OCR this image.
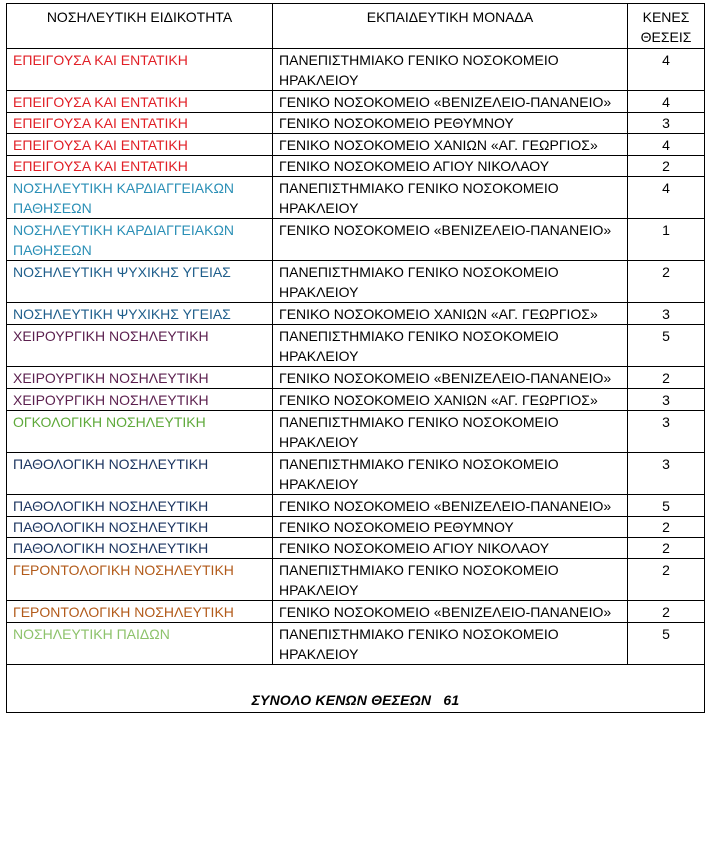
ΝΟΣΗΛΕΥΤΙΚΗ ΕΙΔΙΚΟΤΗΤΑ	ΕΚΠΑΙΔΕΥΤΙΚΗ ΜΟΝΑΔΑ	ΚΕΝΕΣ
ΘΕΣΕΙΣ
ΕΠΕΙΓΟΥΣΑ ΚΑΙ ΕΝΤΑΤΙΚΗ	ΠΑΝΕΠΙΣΤΗΜΙΑΚΟ ΓΕΝΙΚΟ ΝΟΣΟΚΟΜΕΙΟ ΗΡΑΚΛΕΙΟΥ	4
ΕΠΕΙΓΟΥΣΑ ΚΑΙ ΕΝΤΑΤΙΚΗ	ΓΕΝΙΚΟ ΝΟΣΟΚΟΜΕΙΟ «ΒΕΝΙΖΕΛΕΙΟ-ΠΑΝΑΝΕΙΟ»	4
ΕΠΕΙΓΟΥΣΑ ΚΑΙ ΕΝΤΑΤΙΚΗ	ΓΕΝΙΚΟ ΝΟΣΟΚΟΜΕΙΟ ΡΕΘΥΜΝΟΥ	3
ΕΠΕΙΓΟΥΣΑ ΚΑΙ ΕΝΤΑΤΙΚΗ	ΓΕΝΙΚΟ ΝΟΣΟΚΟΜΕΙΟ ΧΑΝΙΩΝ «ΑΓ. ΓΕΩΡΓΙΟΣ»	4
ΕΠΕΙΓΟΥΣΑ ΚΑΙ ΕΝΤΑΤΙΚΗ	ΓΕΝΙΚΟ ΝΟΣΟΚΟΜΕΙΟ ΑΓΙΟΥ ΝΙΚΟΛΑΟΥ	2
ΝΟΣΗΛΕΥΤΙΚΗ ΚΑΡΔΙΑΓΓΕΙΑΚΩΝ ΠΑΘΗΣΕΩΝ	ΠΑΝΕΠΙΣΤΗΜΙΑΚΟ ΓΕΝΙΚΟ ΝΟΣΟΚΟΜΕΙΟ ΗΡΑΚΛΕΙΟΥ	4
ΝΟΣΗΛΕΥΤΙΚΗ ΚΑΡΔΙΑΓΓΕΙΑΚΩΝ ΠΑΘΗΣΕΩΝ	ΓΕΝΙΚΟ ΝΟΣΟΚΟΜΕΙΟ «ΒΕΝΙΖΕΛΕΙΟ-ΠΑΝΑΝΕΙΟ»	1
ΝΟΣΗΛΕΥΤΙΚΗ ΨΥΧΙΚΗΣ ΥΓΕΙΑΣ	ΠΑΝΕΠΙΣΤΗΜΙΑΚΟ ΓΕΝΙΚΟ ΝΟΣΟΚΟΜΕΙΟ ΗΡΑΚΛΕΙΟΥ	2
ΝΟΣΗΛΕΥΤΙΚΗ ΨΥΧΙΚΗΣ ΥΓΕΙΑΣ	ΓΕΝΙΚΟ ΝΟΣΟΚΟΜΕΙΟ ΧΑΝΙΩΝ «ΑΓ. ΓΕΩΡΓΙΟΣ»	3
ΧΕΙΡΟΥΡΓΙΚΗ ΝΟΣΗΛΕΥΤΙΚΗ	ΠΑΝΕΠΙΣΤΗΜΙΑΚΟ ΓΕΝΙΚΟ ΝΟΣΟΚΟΜΕΙΟ ΗΡΑΚΛΕΙΟΥ	5
ΧΕΙΡΟΥΡΓΙΚΗ ΝΟΣΗΛΕΥΤΙΚΗ	ΓΕΝΙΚΟ ΝΟΣΟΚΟΜΕΙΟ «ΒΕΝΙΖΕΛΕΙΟ-ΠΑΝΑΝΕΙΟ»	2
ΧΕΙΡΟΥΡΓΙΚΗ ΝΟΣΗΛΕΥΤΙΚΗ	ΓΕΝΙΚΟ ΝΟΣΟΚΟΜΕΙΟ ΧΑΝΙΩΝ «ΑΓ. ΓΕΩΡΓΙΟΣ»	3
ΟΓΚΟΛΟΓΙΚΗ ΝΟΣΗΛΕΥΤΙΚΗ	ΠΑΝΕΠΙΣΤΗΜΙΑΚΟ ΓΕΝΙΚΟ ΝΟΣΟΚΟΜΕΙΟ ΗΡΑΚΛΕΙΟΥ	3
ΠΑΘΟΛΟΓΙΚΗ ΝΟΣΗΛΕΥΤΙΚΗ	ΠΑΝΕΠΙΣΤΗΜΙΑΚΟ ΓΕΝΙΚΟ ΝΟΣΟΚΟΜΕΙΟ ΗΡΑΚΛΕΙΟΥ	3
ΠΑΘΟΛΟΓΙΚΗ ΝΟΣΗΛΕΥΤΙΚΗ	ΓΕΝΙΚΟ ΝΟΣΟΚΟΜΕΙΟ «ΒΕΝΙΖΕΛΕΙΟ-ΠΑΝΑΝΕΙΟ»	5
ΠΑΘΟΛΟΓΙΚΗ ΝΟΣΗΛΕΥΤΙΚΗ	ΓΕΝΙΚΟ ΝΟΣΟΚΟΜΕΙΟ ΡΕΘΥΜΝΟΥ	2
ΠΑΘΟΛΟΓΙΚΗ ΝΟΣΗΛΕΥΤΙΚΗ	ΓΕΝΙΚΟ ΝΟΣΟΚΟΜΕΙΟ ΑΓΙΟΥ ΝΙΚΟΛΑΟΥ	2
ΓΕΡΟΝΤΟΛΟΓΙΚΗ ΝΟΣΗΛΕΥΤΙΚΗ	ΠΑΝΕΠΙΣΤΗΜΙΑΚΟ ΓΕΝΙΚΟ ΝΟΣΟΚΟΜΕΙΟ ΗΡΑΚΛΕΙΟΥ	2
ΓΕΡΟΝΤΟΛΟΓΙΚΗ ΝΟΣΗΛΕΥΤΙΚΗ	ΓΕΝΙΚΟ ΝΟΣΟΚΟΜΕΙΟ «ΒΕΝΙΖΕΛΕΙΟ-ΠΑΝΑΝΕΙΟ»	2
ΝΟΣΗΛΕΥΤΙΚΗ ΠΑΙΔΩΝ	ΠΑΝΕΠΙΣΤΗΜΙΑΚΟ ΓΕΝΙΚΟ ΝΟΣΟΚΟΜΕΙΟ ΗΡΑΚΛΕΙΟΥ	5
ΣΥΝΟΛΟ ΚΕΝΩΝ ΘΕΣΕΩΝ   61		
